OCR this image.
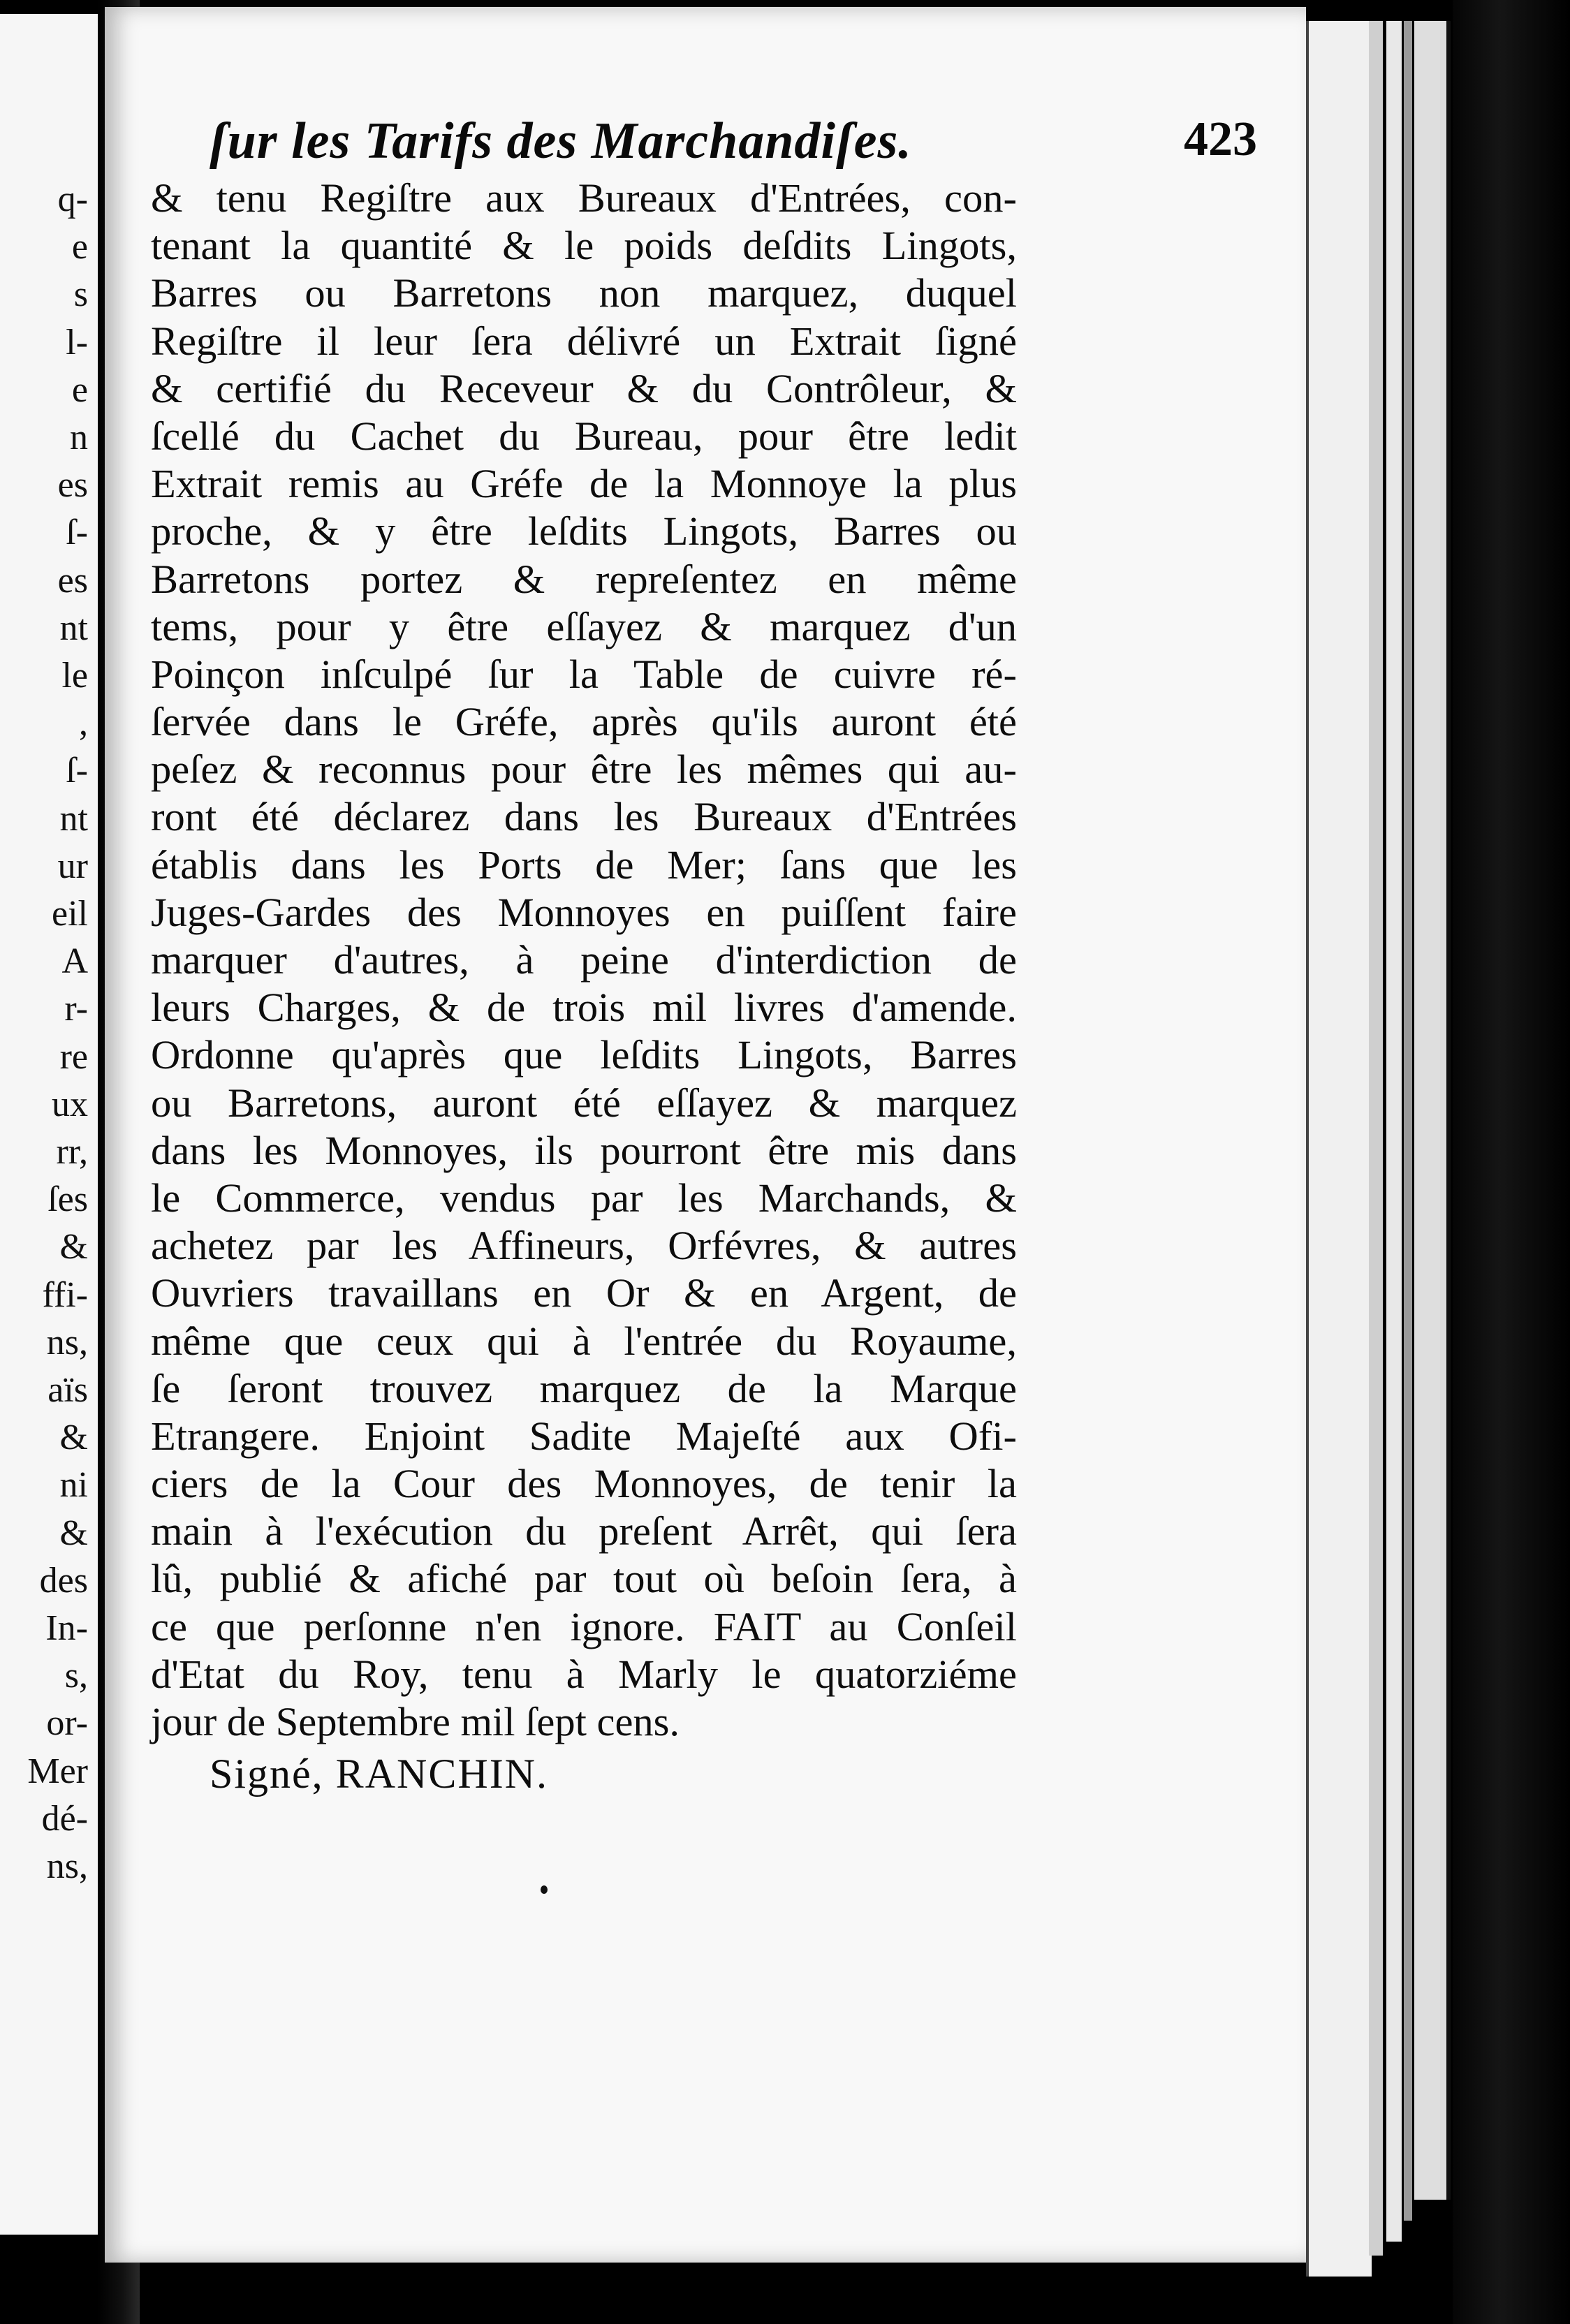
q-
e
s
l-
e
n
es
ſ-
es
nt
le
,
ſ-
nt
ur
eil
A
r-
re
ux
rr,
ſes
&
ffi-
ns,
aïs
&
ni
&
des
In-
s,
or-
Mer
dé-
ns,
ſur les Tarifs des Marchandiſes.	423
& tenu Regiſtre aux Bureaux d'Entrées, con-
tenant la quantité & le poids deſdits Lingots,
Barres ou Barretons non marquez, duquel
Regiſtre il leur ſera délivré un Extrait ſigné
& certifié du Receveur & du Contrôleur, &
ſcellé du Cachet du Bureau, pour être ledit
Extrait remis au Gréfe de la Monnoye la plus
proche, & y être leſdits Lingots, Barres ou
Barretons portez & repreſentez en même
tems, pour y être eſſayez & marquez d'un
Poinçon inſculpé ſur la Table de cuivre ré-
ſervée dans le Gréfe, après qu'ils auront été
peſez & reconnus pour être les mêmes qui au-
ront été déclarez dans les Bureaux d'Entrées
établis dans les Ports de Mer; ſans que les
Juges-Gardes des Monnoyes en puiſſent faire
marquer d'autres, à peine d'interdiction de
leurs Charges, & de trois mil livres d'amende.
Ordonne qu'après que leſdits Lingots, Barres
ou Barretons, auront été eſſayez & marquez
dans les Monnoyes, ils pourront être mis dans
le Commerce, vendus par les Marchands, &
achetez par les Affineurs, Orfévres, & autres
Ouvriers travaillans en Or & en Argent, de
même que ceux qui à l'entrée du Royaume,
ſe ſeront trouvez marquez de la Marque
Etrangere. Enjoint Sadite Majeſté aux Ofi-
ciers de la Cour des Monnoyes, de tenir la
main à l'exécution du preſent Arrêt, qui ſera
lû, publié & afiché par tout où beſoin ſera, à
ce que perſonne n'en ignore. FAIT au Conſeil
d'Etat du Roy, tenu à Marly le quatorziéme
jour de Septembre mil ſept cens.
Signé, RANCHIN.
